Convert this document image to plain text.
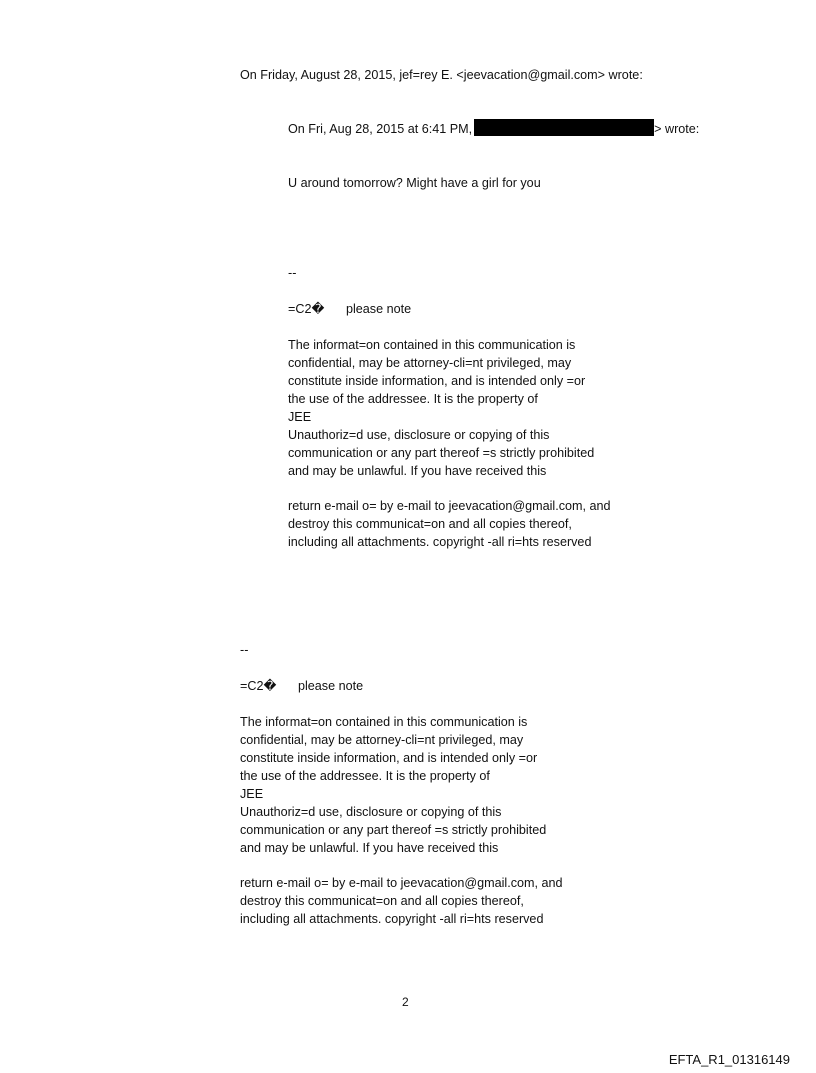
On Friday, August 28, 2015, jef=rey E. <jeevacation@gmail.com> wrote:
On Fri, Aug 28, 2015 at 6:41 PM,	> wrote:
U around tomorrow? Might have a girl for you
--
=C2� please note
The informat=on contained in this communication is
confidential, may be attorney-cli=nt privileged, may
constitute inside information, and is intended only =or
the use of the addressee. It is the property of
JEE
Unauthoriz=d use, disclosure or copying of this
communication or any part thereof =s strictly prohibited
and may be unlawful. If you have received this
return e-mail o= by e-mail to jeevacation@gmail.com, and
destroy this communicat=on and all copies thereof,
including all attachments. copyright -all ri=hts reserved
--
=C2� please note
The informat=on contained in this communication is
confidential, may be attorney-cli=nt privileged, may
constitute inside information, and is intended only =or
the use of the addressee. It is the property of
JEE
Unauthoriz=d use, disclosure or copying of this
communication or any part thereof =s strictly prohibited
and may be unlawful. If you have received this
return e-mail o= by e-mail to jeevacation@gmail.com, and
destroy this communicat=on and all copies thereof,
including all attachments. copyright -all ri=hts reserved
2
EFTA_R1_01316149
